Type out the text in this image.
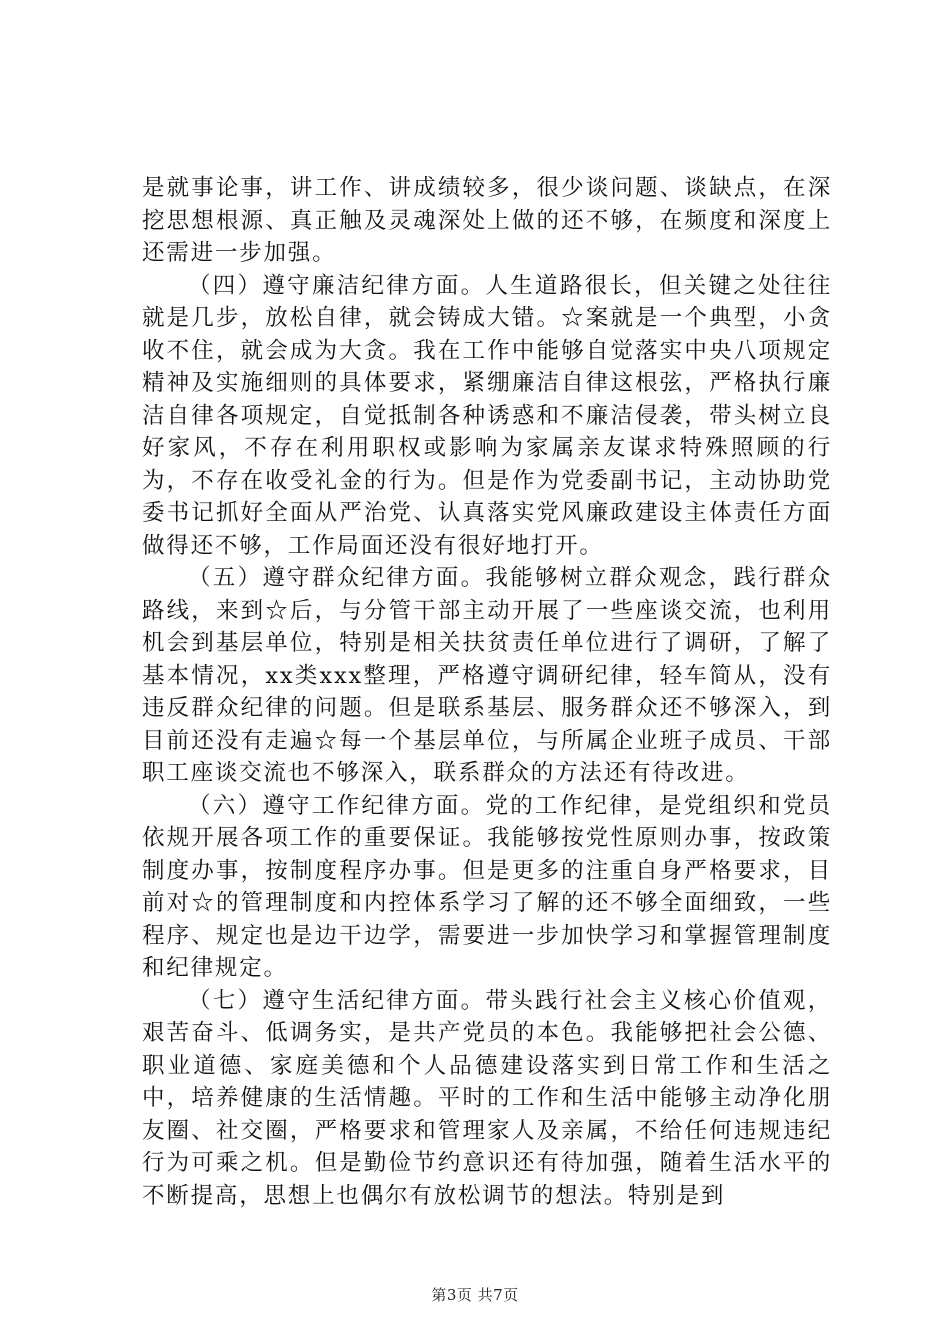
是就事论事，讲工作、讲成绩较多，很少谈问题、谈缺点，在深挖思想根源、真正触及灵魂深处上做的还不够，在频度和深度上还需进一步加强。

（四）遵守廉洁纪律方面。人生道路很长，但关键之处往往就是几步，放松自律，就会铸成大错。☆案就是一个典型，小贪收不住，就会成为大贪。我在工作中能够自觉落实中央八项规定精神及实施细则的具体要求，紧绷廉洁自律这根弦，严格执行廉洁自律各项规定，自觉抵制各种诱惑和不廉洁侵袭，带头树立良好家风，不存在利用职权或影响为家属亲友谋求特殊照顾的行为，不存在收受礼金的行为。但是作为党委副书记，主动协助党委书记抓好全面从严治党、认真落实党风廉政建设主体责任方面做得还不够，工作局面还没有很好地打开。

（五）遵守群众纪律方面。我能够树立群众观念，践行群众路线，来到☆后，与分管干部主动开展了一些座谈交流，也利用机会到基层单位，特别是相关扶贫责任单位进行了调研，了解了基本情况，xx类xxx整理，严格遵守调研纪律，轻车简从，没有违反群众纪律的问题。但是联系基层、服务群众还不够深入，到目前还没有走遍☆每一个基层单位，与所属企业班子成员、干部职工座谈交流也不够深入，联系群众的方法还有待改进。

（六）遵守工作纪律方面。党的工作纪律，是党组织和党员依规开展各项工作的重要保证。我能够按党性原则办事，按政策制度办事，按制度程序办事。但是更多的注重自身严格要求，目前对☆的管理制度和内控体系学习了解的还不够全面细致，一些程序、规定也是边干边学，需要进一步加快学习和掌握管理制度和纪律规定。

（七）遵守生活纪律方面。带头践行社会主义核心价值观，艰苦奋斗、低调务实，是共产党员的本色。我能够把社会公德、职业道德、家庭美德和个人品德建设落实到日常工作和生活之中，培养健康的生活情趣。平时的工作和生活中能够主动净化朋友圈、社交圈，严格要求和管理家人及亲属，不给任何违规违纪行为可乘之机。但是勤俭节约意识还有待加强，随着生活水平的不断提高，思想上也偶尔有放松调节的想法。特别是到

第3页 共7页
